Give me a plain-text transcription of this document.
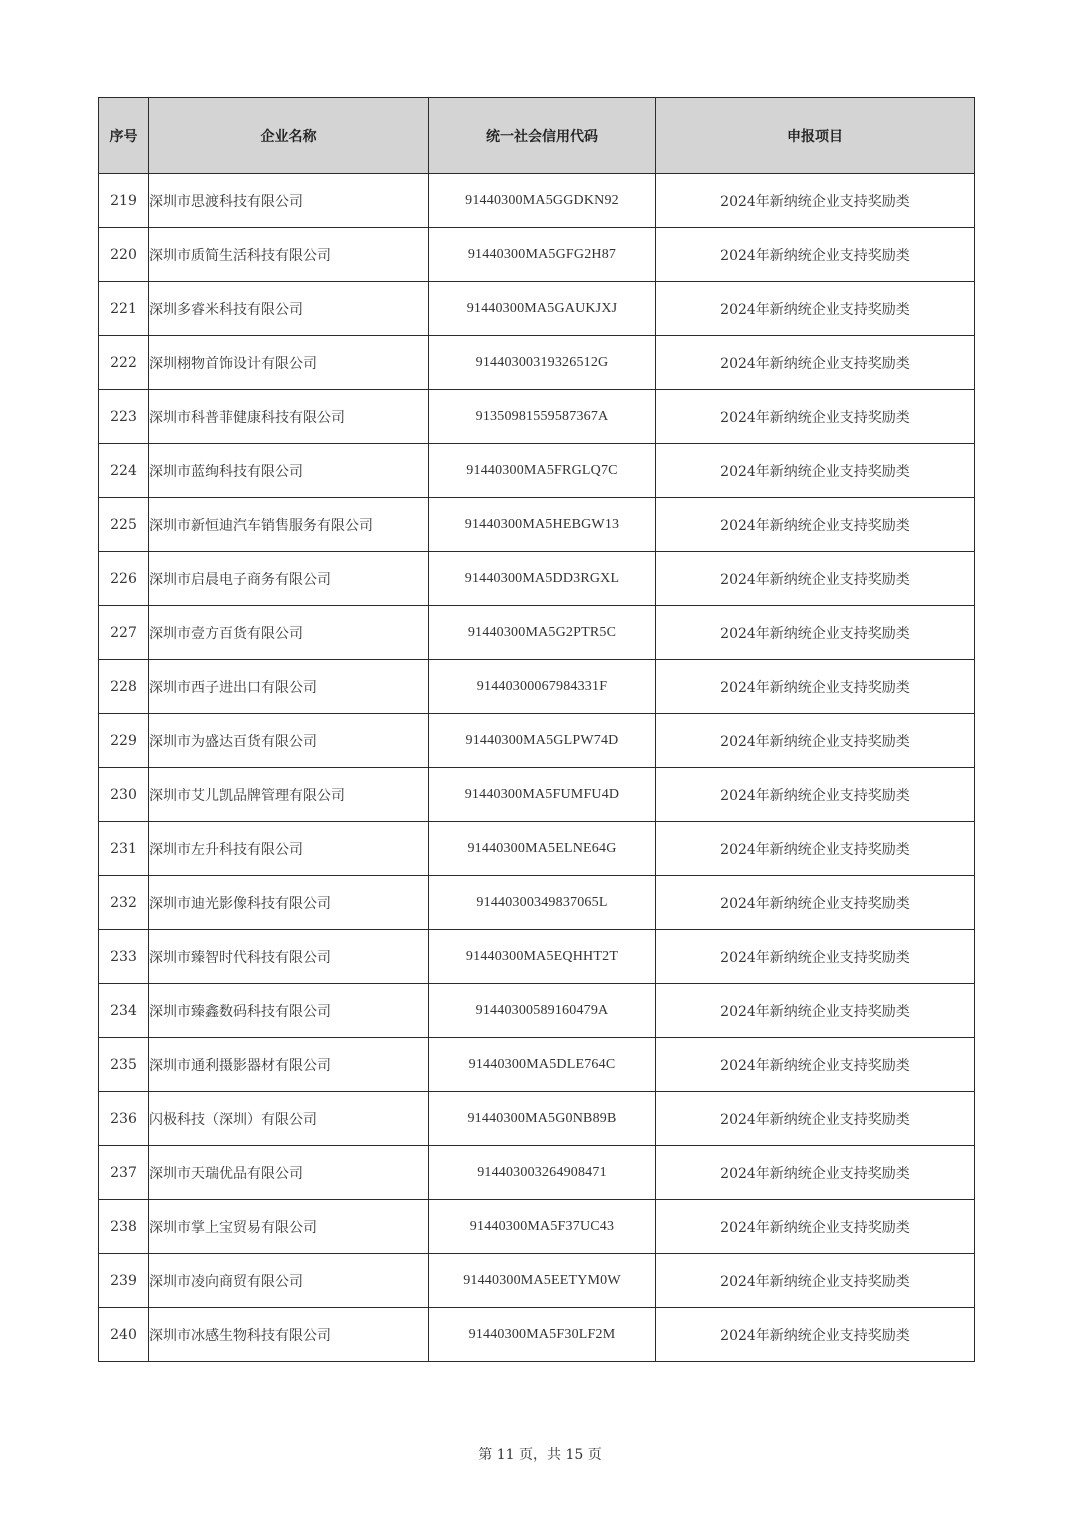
序号	企业名称	统一社会信用代码	申报项目
219	深圳市思渡科技有限公司	91440300MA5GGDKN92	2024年新纳统企业支持奖励类
220	深圳市质简生活科技有限公司	91440300MA5GFG2H87	2024年新纳统企业支持奖励类
221	深圳多睿米科技有限公司	91440300MA5GAUKJXJ	2024年新纳统企业支持奖励类
222	深圳栩物首饰设计有限公司	91440300319326512G	2024年新纳统企业支持奖励类
223	深圳市科普菲健康科技有限公司	91350981559587367A	2024年新纳统企业支持奖励类
224	深圳市蓝绚科技有限公司	91440300MA5FRGLQ7C	2024年新纳统企业支持奖励类
225	深圳市新恒迪汽车销售服务有限公司	91440300MA5HEBGW13	2024年新纳统企业支持奖励类
226	深圳市启晨电子商务有限公司	91440300MA5DD3RGXL	2024年新纳统企业支持奖励类
227	深圳市壹方百货有限公司	91440300MA5G2PTR5C	2024年新纳统企业支持奖励类
228	深圳市西子进出口有限公司	91440300067984331F	2024年新纳统企业支持奖励类
229	深圳市为盛达百货有限公司	91440300MA5GLPW74D	2024年新纳统企业支持奖励类
230	深圳市艾儿凯品牌管理有限公司	91440300MA5FUMFU4D	2024年新纳统企业支持奖励类
231	深圳市左升科技有限公司	91440300MA5ELNE64G	2024年新纳统企业支持奖励类
232	深圳市迪光影像科技有限公司	91440300349837065L	2024年新纳统企业支持奖励类
233	深圳市臻智时代科技有限公司	91440300MA5EQHHT2T	2024年新纳统企业支持奖励类
234	深圳市臻鑫数码科技有限公司	91440300589160479A	2024年新纳统企业支持奖励类
235	深圳市通利摄影器材有限公司	91440300MA5DLE764C	2024年新纳统企业支持奖励类
236	闪极科技（深圳）有限公司	91440300MA5G0NB89B	2024年新纳统企业支持奖励类
237	深圳市天瑞优品有限公司	914403003264908471	2024年新纳统企业支持奖励类
238	深圳市掌上宝贸易有限公司	91440300MA5F37UC43	2024年新纳统企业支持奖励类
239	深圳市凌向商贸有限公司	91440300MA5EETYM0W	2024年新纳统企业支持奖励类
240	深圳市冰感生物科技有限公司	91440300MA5F30LF2M	2024年新纳统企业支持奖励类
第 11 页，共 15 页
